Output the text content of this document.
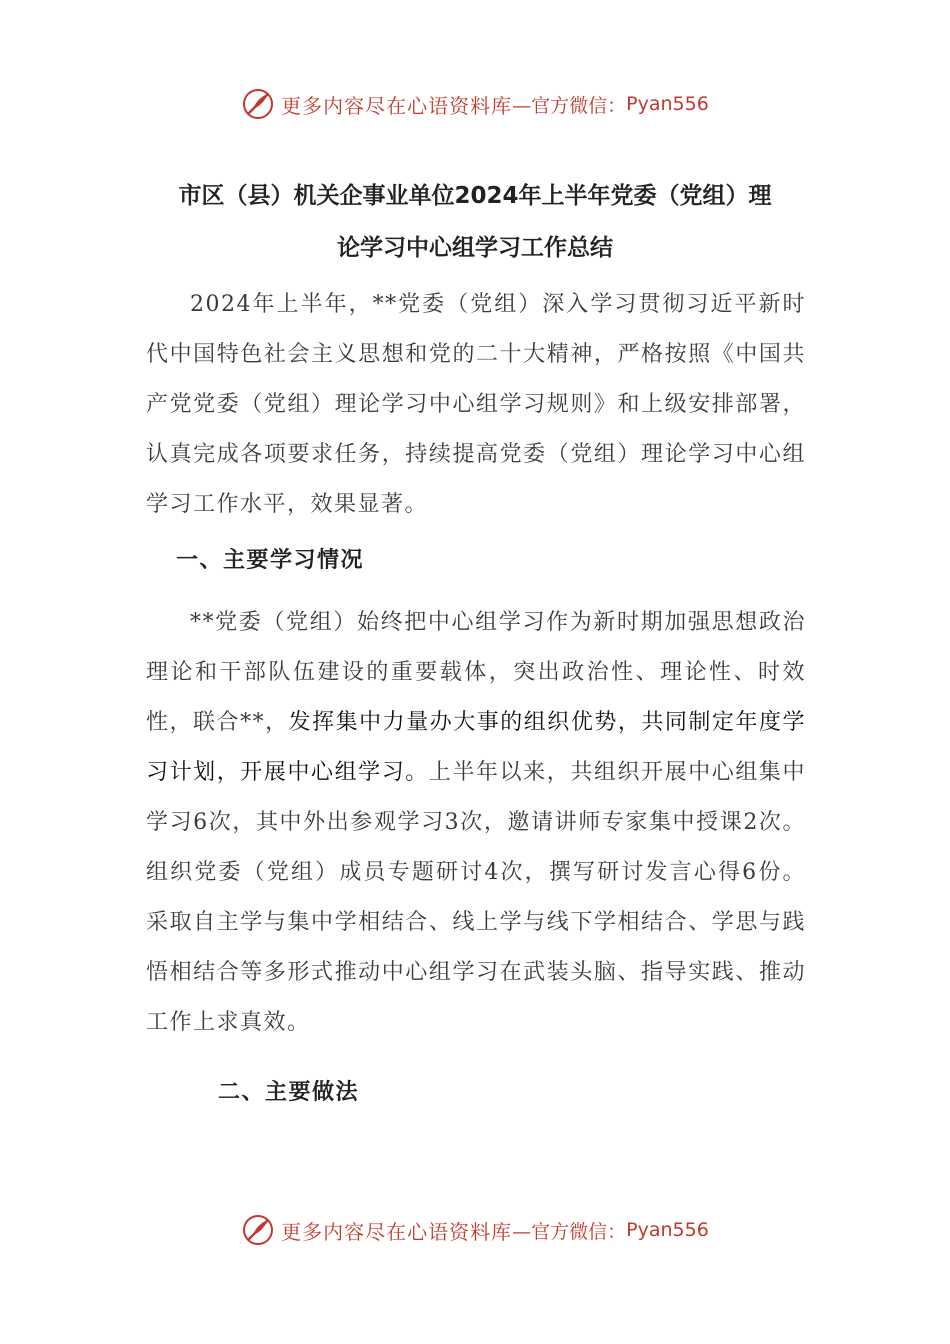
更多内容尽在心语资料库 —官方微信： Pyan556
市区（县）机关企事业单位2024年上半年党委（党组）理
论学习中心组学习工作总结

2024年上半年，**党委（党组）深入学习贯彻习近平新时代中国特色社会主义思想和党的二十大精神，严格按照《中国共产党党委（党组）理论学习中心组学习规则》和上级安排部署，认真完成各项要求任务，持续提高党委（党组）理论学习中心组学习工作水平，效果显著。

一、主要学习情况

**党委（党组）始终把中心组学习作为新时期加强思想政治理论和干部队伍建设的重要载体，突出政治性、理论性、时效性，联合**，发挥集中力量办大事的组织优势，共同制定年度学习计划，开展中心组学习。上半年以来，共组织开展中心组集中学习6次，其中外出参观学习3次，邀请讲师专家集中授课2次。组织党委（党组）成员专题研讨4次，撰写研讨发言心得6份。采取自主学与集中学相结合、线上学与线下学相结合、学思与践悟相结合等多形式推动中心组学习在武装头脑、指导实践、推动工作上求真效。

二、主要做法
更多内容尽在心语资料库 —官方微信： Pyan556
